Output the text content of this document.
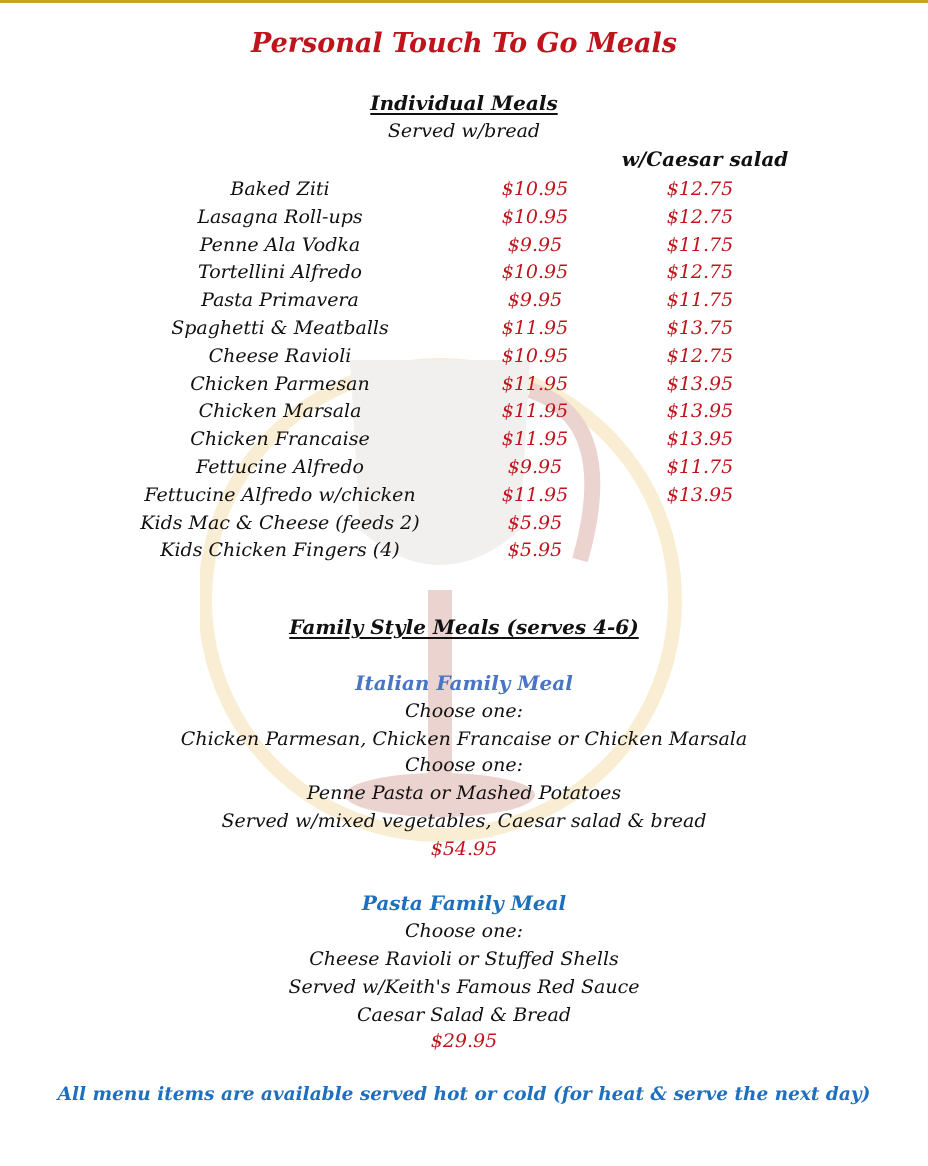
Personal Touch To Go Meals
Individual Meals
Served w/bread
w/Caesar salad
Baked Ziti	$10.95	$12.75
Lasagna Roll-ups	$10.95	$12.75
Penne Ala Vodka	$9.95	$11.75
Tortellini Alfredo	$10.95	$12.75
Pasta Primavera	$9.95	$11.75
Spaghetti & Meatballs	$11.95	$13.75
Cheese Ravioli	$10.95	$12.75
Chicken Parmesan	$11.95	$13.95
Chicken Marsala	$11.95	$13.95
Chicken Francaise	$11.95	$13.95
Fettucine Alfredo	$9.95	$11.75
Fettucine Alfredo w/chicken	$11.95	$13.95
Kids Mac & Cheese (feeds 2)	$5.95	
Kids Chicken Fingers (4)	$5.95	
Family Style Meals (serves 4-6)
Italian Family Meal
Choose one:
Chicken Parmesan, Chicken Francaise or Chicken Marsala
Choose one:
Penne Pasta or Mashed Potatoes
Served w/mixed vegetables, Caesar salad & bread
$54.95
Pasta Family Meal
Choose one:
Cheese Ravioli or Stuffed Shells
Served w/Keith's Famous Red Sauce
Caesar Salad & Bread
$29.95
All menu items are available served hot or cold (for heat & serve the next day)
